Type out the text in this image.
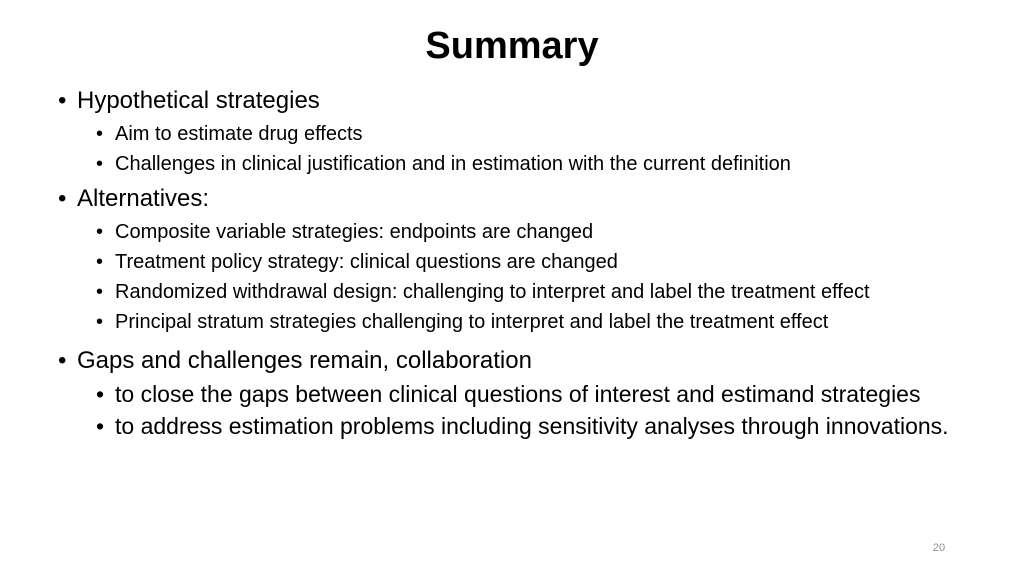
Summary
• Hypothetical strategies
• Aim to estimate drug effects
• Challenges in clinical justification and in estimation with the current definition
• Alternatives:
• Composite variable strategies: endpoints are changed
• Treatment policy strategy: clinical questions are changed
• Randomized withdrawal design: challenging to interpret and label the treatment effect
• Principal stratum strategies challenging to interpret and label the treatment effect
• Gaps and challenges remain, collaboration
• to close the gaps between clinical questions of interest and estimand strategies
• to address estimation problems including sensitivity analyses through innovations.
20
